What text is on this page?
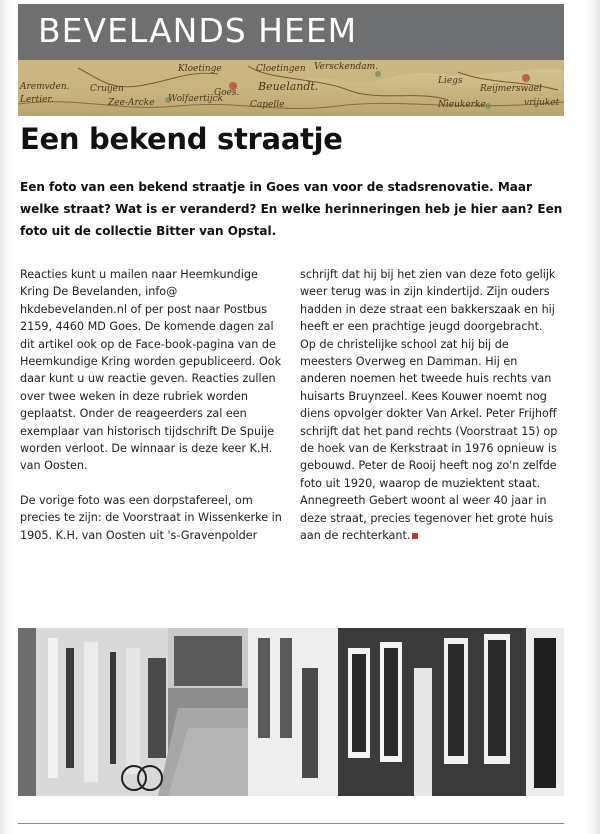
BEVELANDS HEEM
Aremvden.
Lertier.
Cruijen
Zee-Arcke Wolfaertijck
Kloetinge	Cloetingen
Beuelandt.
Versckendam.
Capelle
Goes.
Liegs
Reijmerswael
Nieukerke	vrijuket
Een bekend straatje
Een foto van een bekend straatje in Goes van voor de stadsrenovatie. Maar welke straat? Wat is er veranderd? En welke herinneringen heb je hier aan? Een foto uit de collectie Bitter van Opstal.

Reacties kunt u mailen naar Heemkundige Kring De Bevelanden, info@ hkdebevelanden.nl of per post naar Postbus 2159, 4460 MD Goes. De komende dagen zal dit artikel ook op de Face-book-pagina van de Heemkundige Kring worden gepubliceerd. Ook daar kunt u uw reactie geven. Reacties zullen over twee weken in deze rubriek worden geplaatst. Onder de reageerders zal een exemplaar van historisch tijdschrift De Spuije worden verloot. De winnaar is deze keer K.H. van Oosten.

De vorige foto was een dorpstafereel, om precies te zijn: de Voorstraat in Wissenkerke in 1905. K.H. van Oosten uit 's-Gravenpolder

schrijft dat hij bij het zien van deze foto gelijk weer terug was in zijn kindertijd. Zijn ouders hadden in deze straat een bakkerszaak en hij heeft er een prachtige jeugd doorgebracht. Op de christelijke school zat hij bij de meesters Overweg en Damman. Hij en anderen noemen het tweede huis rechts van huisarts Bruynzeel. Kees Kouwer noemt nog diens opvolger dokter Van Arkel. Peter Frijhoff schrijft dat het pand rechts (Voorstraat 15) op de hoek van de Kerkstraat in 1976 opnieuw is gebouwd. Peter de Rooij heeft nog zo'n zelfde foto uit 1920, waarop de muziektent staat. Annegreeth Gebert woont al weer 40 jaar in deze straat, precies tegenover het grote huis aan de rechterkant.
